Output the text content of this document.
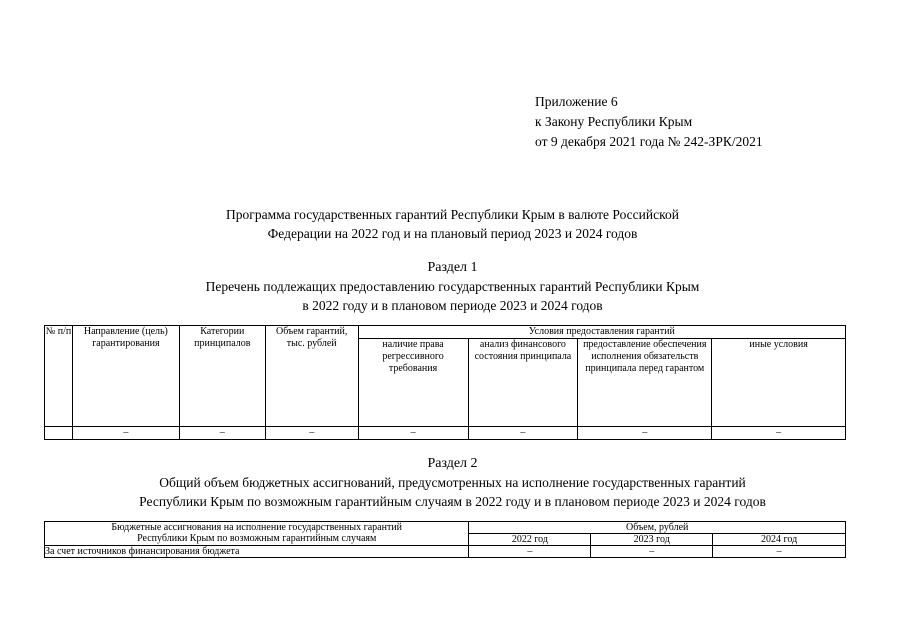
Приложение 6
к Закону Республики Крым
от 9 декабря 2021 года № 242-ЗРК/2021
Программа государственных гарантий Республики Крым в валюте Российской
Федерации на 2022 год и на плановый период 2023 и 2024 годов
Раздел 1
Перечень подлежащих предоставлению государственных гарантий Республики Крым
в 2022 году и в плановом периоде 2023 и 2024 годов
№ п/п	Направление (цель) гарантирования	Категории принципалов	Объем гарантий, тыс. рублей	Условия предоставления гарантий			
				наличие права регрессивного требования	анализ финансового состояния принципала	предоставление обеспечения исполнения обязательств принципала перед гарантом	иные условия
	–	–	–	–	–	–	–
Раздел 2
Общий объем бюджетных ассигнований, предусмотренных на исполнение государственных гарантий
Республики Крым по возможным гарантийным случаям в 2022 году и в плановом периоде 2023 и 2024 годов
Бюджетные ассигнования на исполнение государственных гарантий
Республики Крым по возможным гарантийным случаям	Объем, рублей		
	2022 год	2023 год	2024 год
За счет источников финансирования бюджета	–	–	–
